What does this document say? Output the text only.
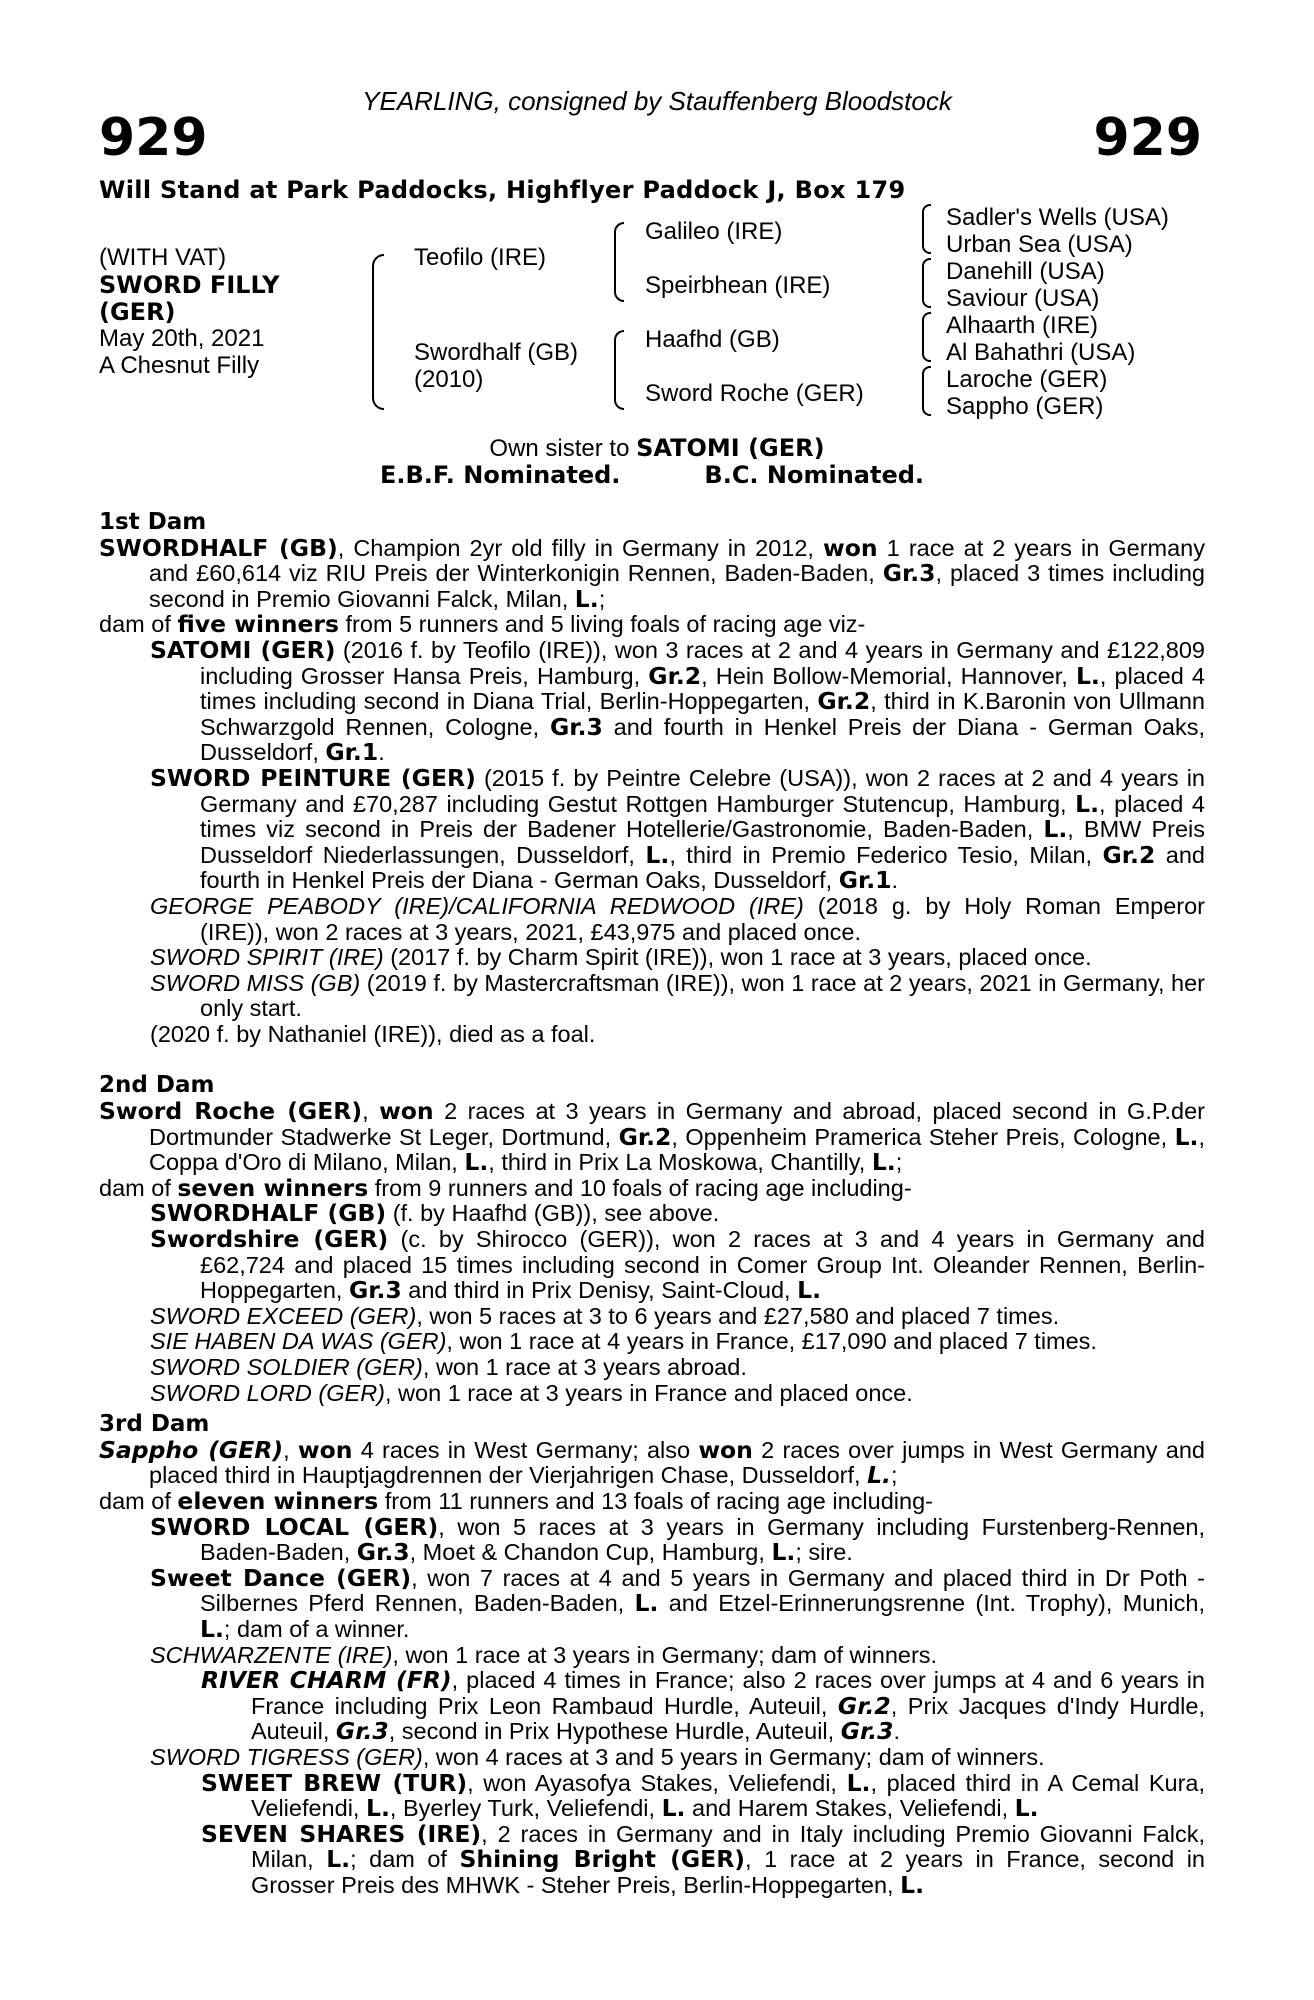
YEARLING, consigned by Stauffenberg Bloodstock
929	929
Will Stand at Park Paddocks, Highflyer Paddock J, Box 179
(WITH VAT)
SWORD FILLY
(GER)
May 20th, 2021
A Chesnut Filly
Teofilo (IRE)
Swordhalf (GB)
(2010)
Galileo (IRE)
Speirbhean (IRE)
Haafhd (GB)
Sword Roche (GER)
Sadler's Wells (USA)
Urban Sea (USA)
Danehill (USA)
Saviour (USA)
Alhaarth (IRE)
Al Bahathri (USA)
Laroche (GER)
Sappho (GER)
Own sister to SATOMI (GER)
E.B.F. Nominated.	B.C. Nominated.
1st Dam
SWORDHALF (GB), Champion 2yr old filly in Germany in 2012, won 1 race at 2 years in Germany and £60,614 viz RIU Preis der Winterkonigin Rennen, Baden-Baden, Gr.3, placed 3 times including second in Premio Giovanni Falck, Milan, L.;
dam of five winners from 5 runners and 5 living foals of racing age viz-
SATOMI (GER) (2016 f. by Teofilo (IRE)), won 3 races at 2 and 4 years in Germany and £122,809 including Grosser Hansa Preis, Hamburg, Gr.2, Hein Bollow-Memorial, Hannover, L., placed 4 times including second in Diana Trial, Berlin-Hoppegarten, Gr.2, third in K.Baronin von Ullmann Schwarzgold Rennen, Cologne, Gr.3 and fourth in Henkel Preis der Diana - German Oaks, Dusseldorf, Gr.1.
SWORD PEINTURE (GER) (2015 f. by Peintre Celebre (USA)), won 2 races at 2 and 4 years in Germany and £70,287 including Gestut Rottgen Hamburger Stutencup, Hamburg, L., placed 4 times viz second in Preis der Badener Hotellerie/Gastronomie, Baden-Baden, L., BMW Preis Dusseldorf Niederlassungen, Dusseldorf, L., third in Premio Federico Tesio, Milan, Gr.2 and fourth in Henkel Preis der Diana - German Oaks, Dusseldorf, Gr.1.
GEORGE PEABODY (IRE)/CALIFORNIA REDWOOD (IRE) (2018 g. by Holy Roman Emperor (IRE)), won 2 races at 3 years, 2021, £43,975 and placed once.
SWORD SPIRIT (IRE) (2017 f. by Charm Spirit (IRE)), won 1 race at 3 years, placed once.
SWORD MISS (GB) (2019 f. by Mastercraftsman (IRE)), won 1 race at 2 years, 2021 in Germany, her only start.
(2020 f. by Nathaniel (IRE)), died as a foal.
2nd Dam
Sword Roche (GER), won 2 races at 3 years in Germany and abroad, placed second in G.P.der Dortmunder Stadwerke St Leger, Dortmund, Gr.2, Oppenheim Pramerica Steher Preis, Cologne, L., Coppa d'Oro di Milano, Milan, L., third in Prix La Moskowa, Chantilly, L.;
dam of seven winners from 9 runners and 10 foals of racing age including-
SWORDHALF (GB) (f. by Haafhd (GB)), see above.
Swordshire (GER) (c. by Shirocco (GER)), won 2 races at 3 and 4 years in Germany and £62,724 and placed 15 times including second in Comer Group Int. Oleander Rennen, Berlin-Hoppegarten, Gr.3 and third in Prix Denisy, Saint-Cloud, L.
SWORD EXCEED (GER), won 5 races at 3 to 6 years and £27,580 and placed 7 times.
SIE HABEN DA WAS (GER), won 1 race at 4 years in France, £17,090 and placed 7 times.
SWORD SOLDIER (GER), won 1 race at 3 years abroad.
SWORD LORD (GER), won 1 race at 3 years in France and placed once.
3rd Dam
Sappho (GER), won 4 races in West Germany; also won 2 races over jumps in West Germany and placed third in Hauptjagdrennen der Vierjahrigen Chase, Dusseldorf, L.;
dam of eleven winners from 11 runners and 13 foals of racing age including-
SWORD LOCAL (GER), won 5 races at 3 years in Germany including Furstenberg-Rennen, Baden-Baden, Gr.3, Moet & Chandon Cup, Hamburg, L.; sire.
Sweet Dance (GER), won 7 races at 4 and 5 years in Germany and placed third in Dr Poth - Silbernes Pferd Rennen, Baden-Baden, L. and Etzel-Erinnerungsrenne (Int. Trophy), Munich, L.; dam of a winner.
SCHWARZENTE (IRE), won 1 race at 3 years in Germany; dam of winners.
RIVER CHARM (FR), placed 4 times in France; also 2 races over jumps at 4 and 6 years in France including Prix Leon Rambaud Hurdle, Auteuil, Gr.2, Prix Jacques d'Indy Hurdle, Auteuil, Gr.3, second in Prix Hypothese Hurdle, Auteuil, Gr.3.
SWORD TIGRESS (GER), won 4 races at 3 and 5 years in Germany; dam of winners.
SWEET BREW (TUR), won Ayasofya Stakes, Veliefendi, L., placed third in A Cemal Kura, Veliefendi, L., Byerley Turk, Veliefendi, L. and Harem Stakes, Veliefendi, L.
SEVEN SHARES (IRE), 2 races in Germany and in Italy including Premio Giovanni Falck, Milan, L.; dam of Shining Bright (GER), 1 race at 2 years in France, second in Grosser Preis des MHWK - Steher Preis, Berlin-Hoppegarten, L.
